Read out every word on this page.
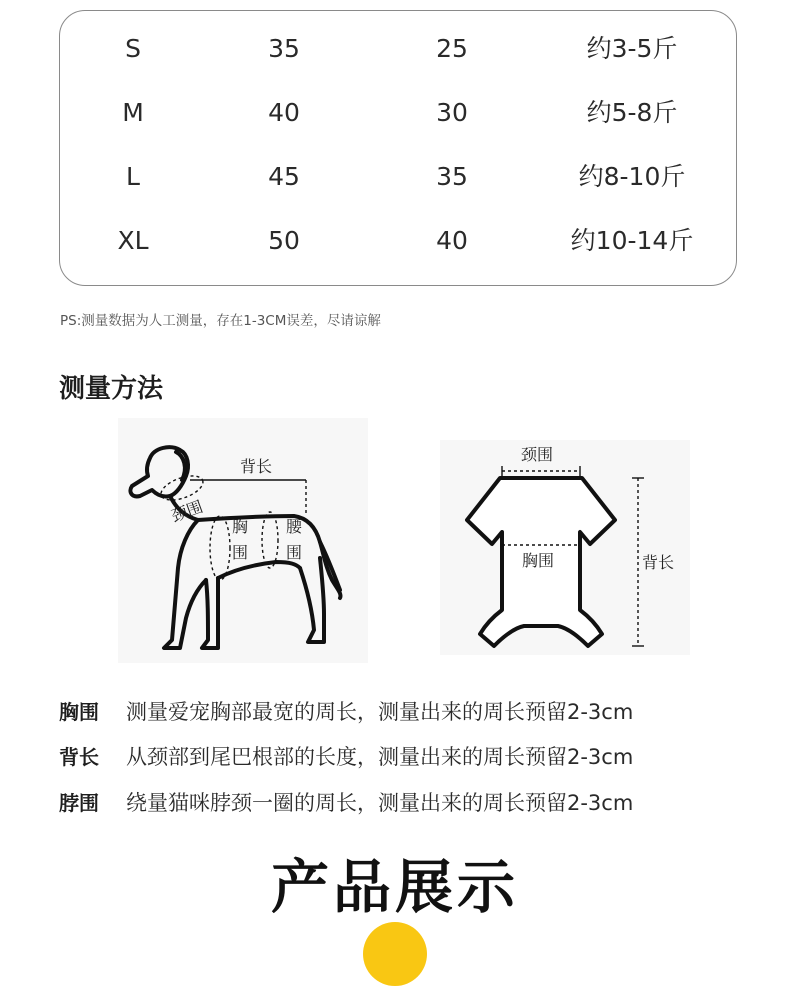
S	35	25	约3-5斤
M	40	30	约5-8斤
L	45	35	约8-10斤
XL	50	40	约10-14斤
PS:测量数据为人工测量，存在1-3CM误差，尽请谅解
测量方法
背长
颈围
胸
围
腰
围
颈围
胸围	背长
胸围 测量爱宠胸部最宽的周长，测量出来的周长预留2-3cm
背长 从颈部到尾巴根部的长度，测量出来的周长预留2-3cm
脖围 绕量猫咪脖颈一圈的周长，测量出来的周长预留2-3cm
产品展示
